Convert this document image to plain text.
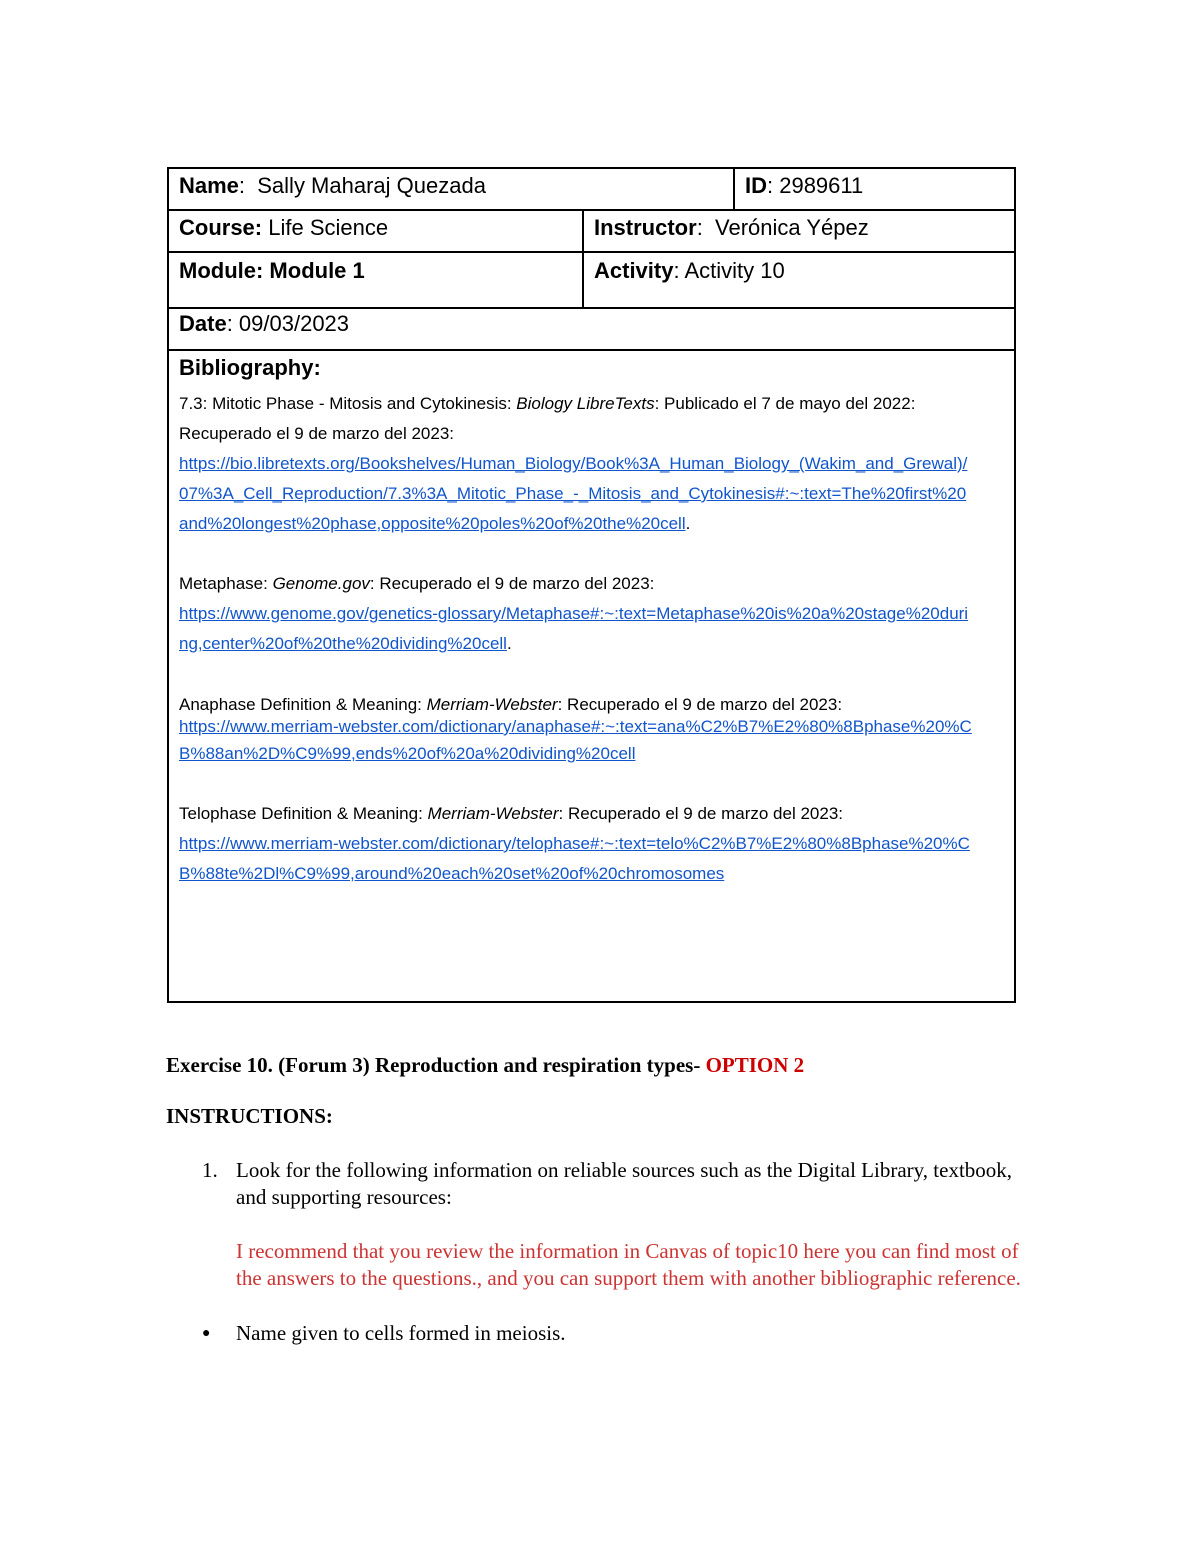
Name :  Sally Maharaj Quezada	ID : 2989611
Course: Life Science	Instructor :  Verónica Yépez
Module: Module 1	Activity : Activity 10
Date : 09/03/2023
Bibliography:

7.3: Mitotic Phase - Mitosis and Cytokinesis: Biology LibreTexts: Publicado el 7 de mayo del 2022:

Recuperado el 9 de marzo del 2023:

https://bio.libretexts.org/Bookshelves/Human_Biology/Book%3A_Human_Biology_(Wakim_and_Grewal)/

07%3A_Cell_Reproduction/7.3%3A_Mitotic_Phase_-_Mitosis_and_Cytokinesis#:~:text=The%20first%20

and%20longest%20phase,opposite%20poles%20of%20the%20cell.

Metaphase: Genome.gov: Recuperado el 9 de marzo del 2023:

https://www.genome.gov/genetics-glossary/Metaphase#:~:text=Metaphase%20is%20a%20stage%20duri

ng,center%20of%20the%20dividing%20cell.

Anaphase Definition & Meaning: Merriam-Webster: Recuperado el 9 de marzo del 2023:

https://www.merriam-webster.com/dictionary/anaphase#:~:text=ana%C2%B7%E2%80%8Bphase%20%C

B%88an%2D%C9%99,ends%20of%20a%20dividing%20cell

Telophase Definition & Meaning: Merriam-Webster: Recuperado el 9 de marzo del 2023:

https://www.merriam-webster.com/dictionary/telophase#:~:text=telo%C2%B7%E2%80%8Bphase%20%C

B%88te%2Dl%C9%99,around%20each%20set%20of%20chromosomes

Exercise 10. (Forum 3) Reproduction and respiration types- OPTION 2

INSTRUCTIONS:

1. Look for the following information on reliable sources such as the Digital Library, textbook, and supporting resources:

I recommend that you review the information in Canvas of topic10 here you can find most of the answers to the questions., and you can support them with another bibliographic reference.

●	Name given to cells formed in meiosis.
